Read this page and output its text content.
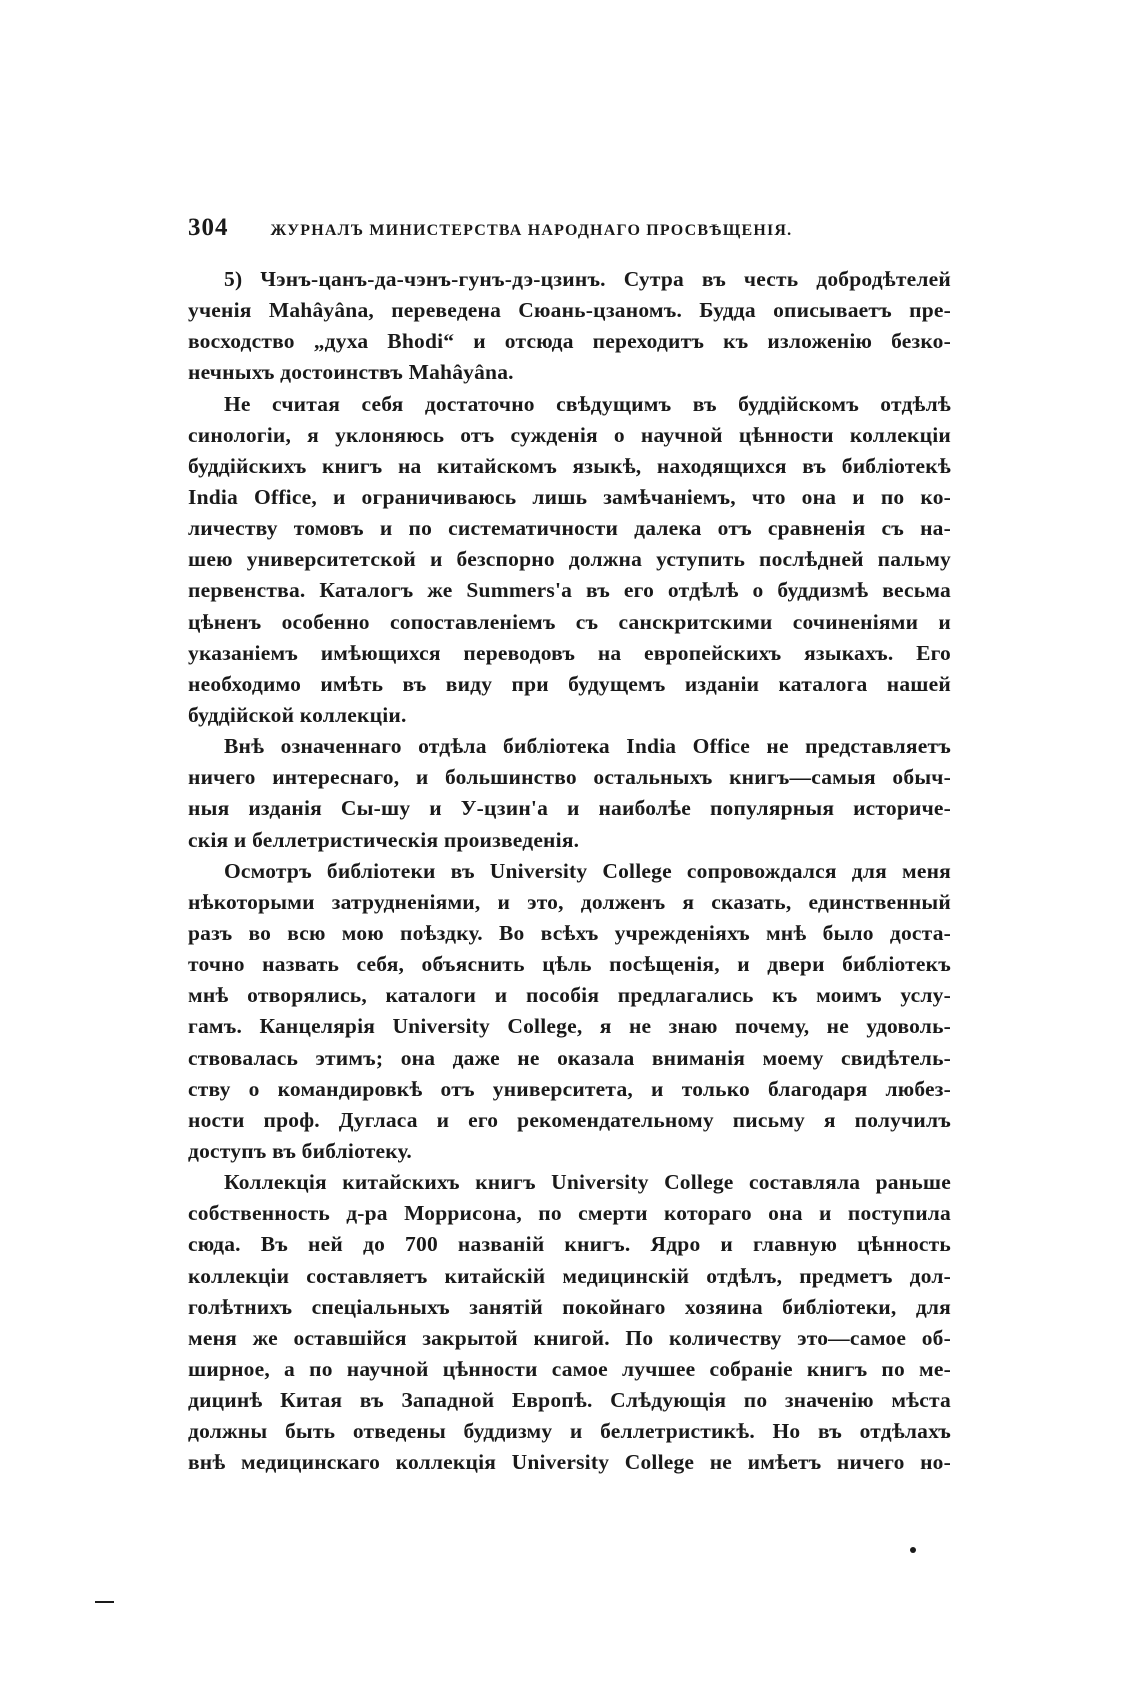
304	ЖУРНАЛЪ МИНИСТЕРСТВА НАРОДНАГО ПРОСВѢЩЕНІЯ.
5) Чэнъ-цанъ-да-чэнъ-гунъ-дэ-цзинъ. Сутра въ честь добродѣтелей
ученія Mahâyâna, переведена Сюань-цзаномъ. Будда описываетъ пре-
восходство „духа Bhodi“ и отсюда переходитъ къ изложенію безко-
нечныхъ достоинствъ Mahâyâna.
Не считая себя достаточно свѣдущимъ въ буддійскомъ отдѣлѣ
синологіи, я уклоняюсь отъ сужденія о научной цѣнности коллекціи
буддійскихъ книгъ на китайскомъ языкѣ, находящихся въ библіотекѣ
India Office, и ограничиваюсь лишь замѣчаніемъ, что она и по ко-
личеству томовъ и по систематичности далека отъ сравненія съ на-
шею университетской и безспорно должна уступить послѣдней пальму
первенства. Каталогъ же Summers'а въ его отдѣлѣ о буддизмѣ весьма
цѣненъ особенно сопоставленіемъ съ санскритскими сочиненіями и
указаніемъ имѣющихся переводовъ на европейскихъ языкахъ. Его
необходимо имѣть въ виду при будущемъ изданіи каталога нашей
буддійской коллекціи.
Внѣ означеннаго отдѣла библіотека India Office не представляетъ
ничего интереснаго, и большинство остальныхъ книгъ—самыя обыч-
ныя изданія Сы-шу и У-цзин'а и наиболѣе популярныя историче-
скія и беллетристическія произведенія.
Осмотръ библіотеки въ University College сопровождался для меня
нѣкоторыми затрудненіями, и это, долженъ я сказать, единственный
разъ во всю мою поѣздку. Во всѣхъ учрежденіяхъ мнѣ было доста-
точно назвать себя, объяснить цѣль посѣщенія, и двери библіотекъ
мнѣ отворялись, каталоги и пособія предлагались къ моимъ услу-
гамъ. Канцелярія University College, я не знаю почему, не удоволь-
ствовалась этимъ; она даже не оказала вниманія моему свидѣтель-
ству о командировкѣ отъ университета, и только благодаря любез-
ности проф. Дугласа и его рекомендательному письму я получилъ
доступъ въ библіотеку.
Коллекція китайскихъ книгъ University College составляла раньше
собственность д-ра Моррисона, по смерти котораго она и поступила
сюда. Въ ней до 700 названій книгъ. Ядро и главную цѣнность
коллекціи составляетъ китайскій медицинскій отдѣлъ, предметъ дол-
голѣтнихъ спеціальныхъ занятій покойнаго хозяина библіотеки, для
меня же оставшійся закрытой книгой. По количеству это—самое об-
ширное, а по научной цѣнности самое лучшее собраніе книгъ по ме-
дицинѣ Китая въ Западной Европѣ. Слѣдующія по значенію мѣста
должны быть отведены буддизму и беллетристикѣ. Но въ отдѣлахъ
внѣ медицинскаго коллекція University College не имѣетъ ничего но-
